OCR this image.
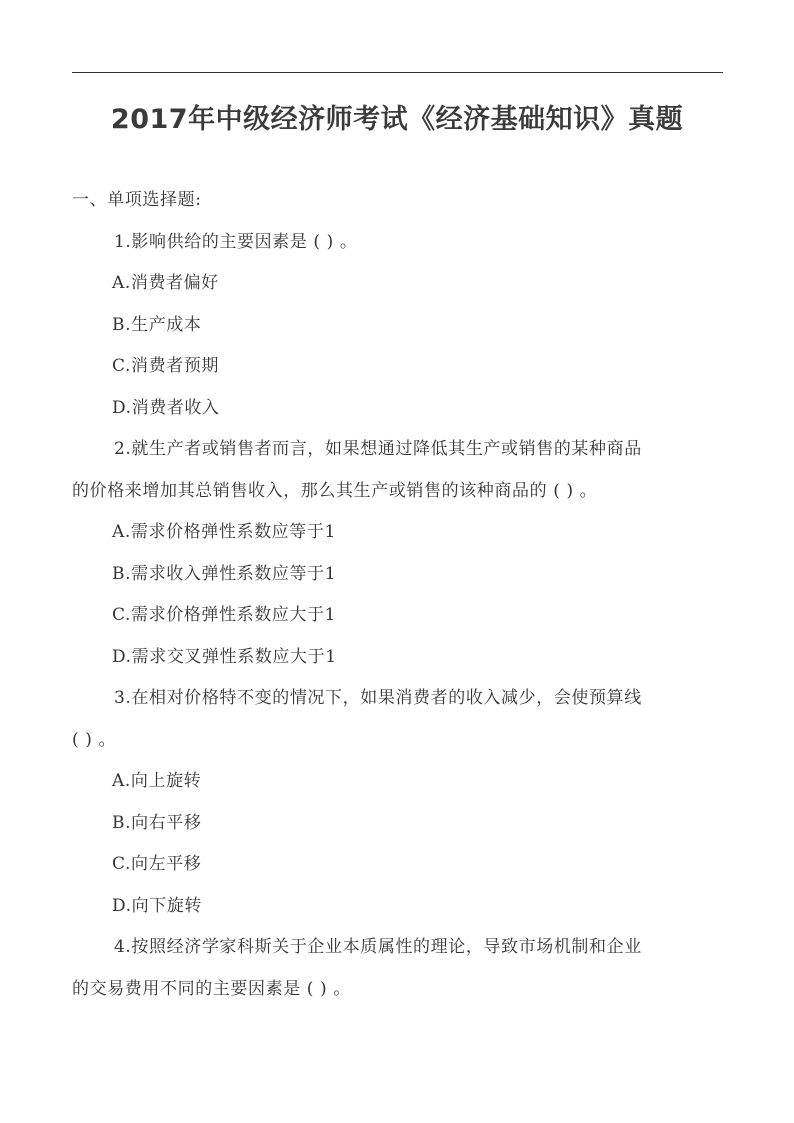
2017年中级经济师考试《经济基础知识》真题
一、单项选择题:
1.影响供给的主要因素是 ( ) 。
A.消费者偏好
B.生产成本
C.消费者预期
D.消费者收入
2.就生产者或销售者而言，如果想通过降低其生产或销售的某种商品
的价格来增加其总销售收入，那么其生产或销售的该种商品的 ( ) 。
A.需求价格弹性系数应等于1
B.需求收入弹性系数应等于1
C.需求价格弹性系数应大于1
D.需求交叉弹性系数应大于1
3.在相对价格特不变的情况下，如果消费者的收入减少，会使预算线
( ) 。
A.向上旋转
B.向右平移
C.向左平移
D.向下旋转
4.按照经济学家科斯关于企业本质属性的理论，导致市场机制和企业
的交易费用不同的主要因素是 ( ) 。
